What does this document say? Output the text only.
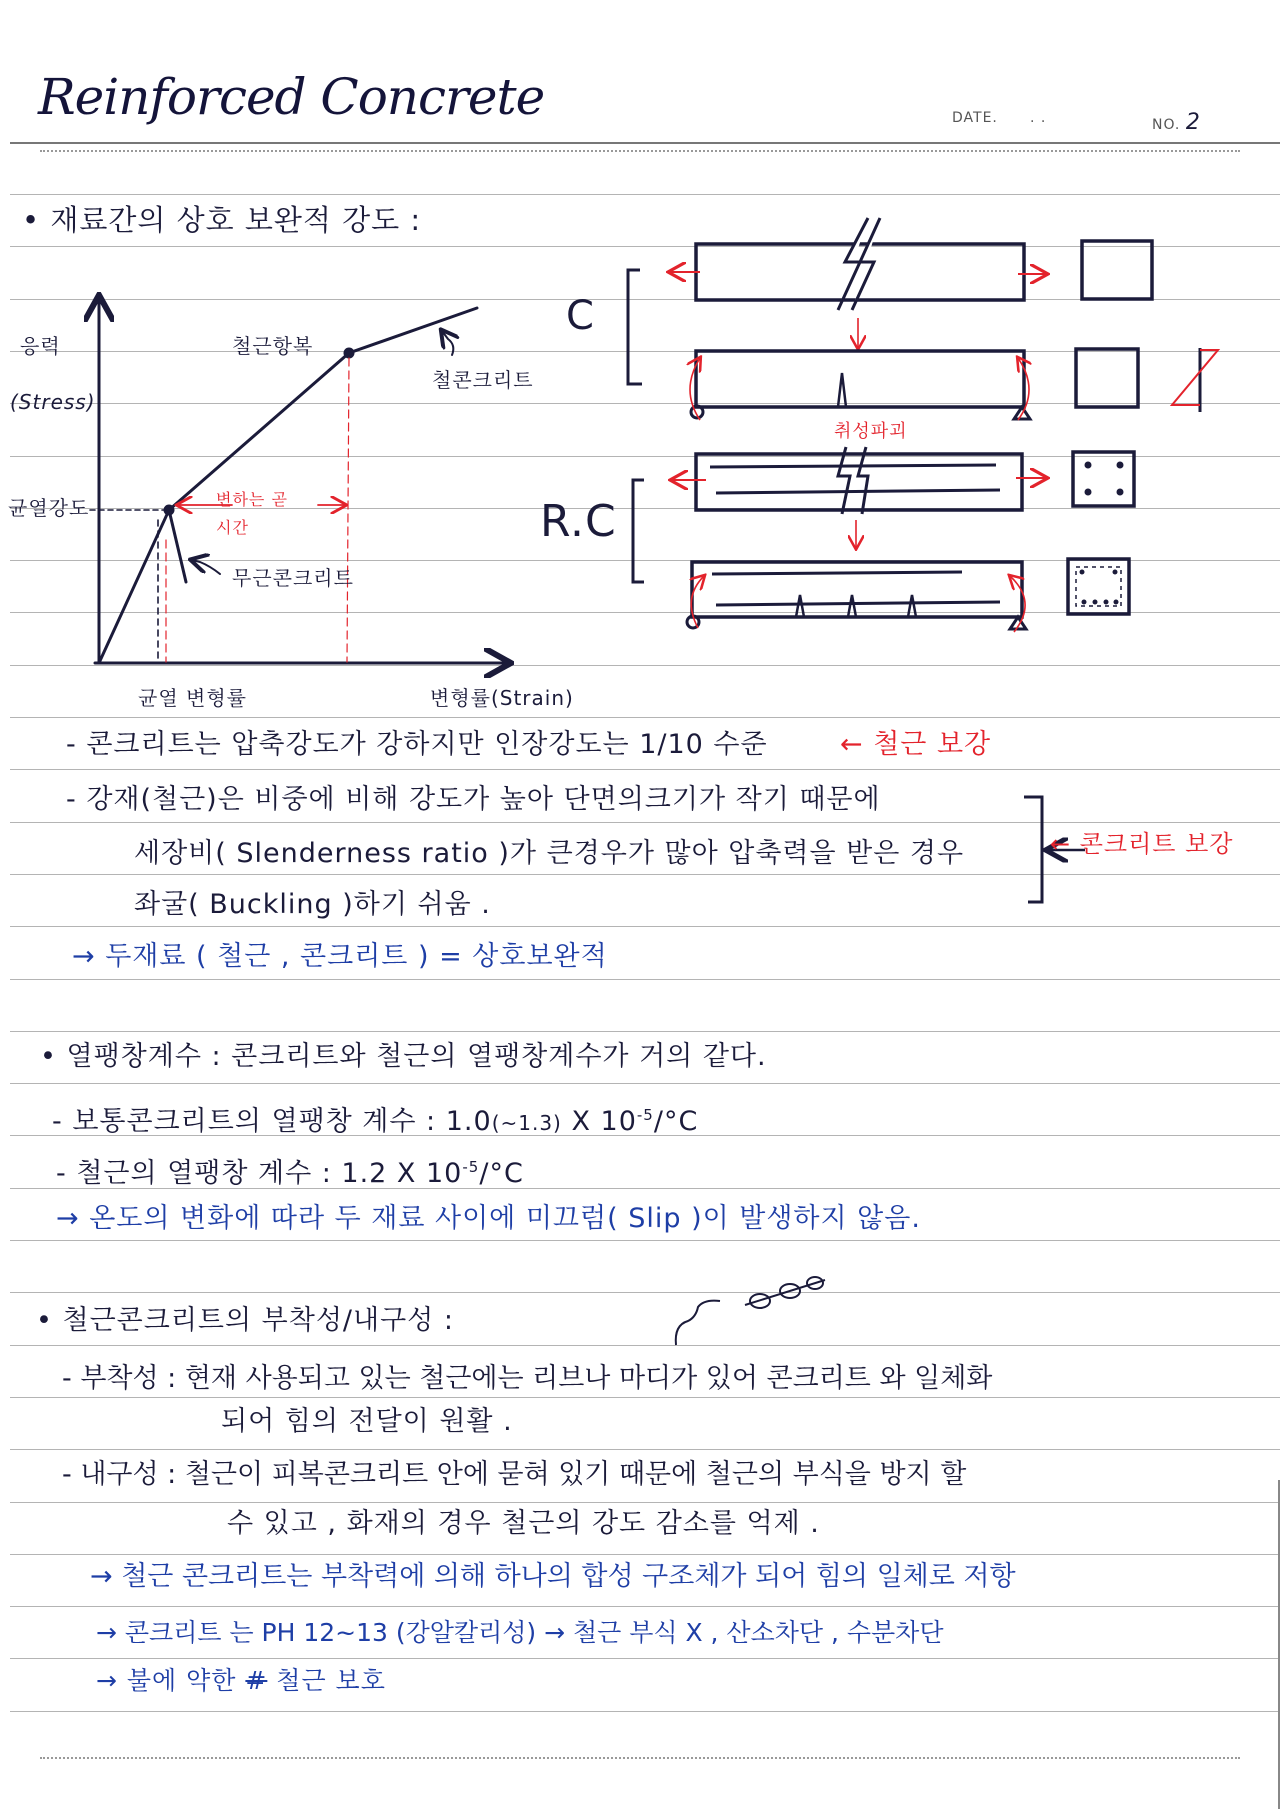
Reinforced Concrete	DATE. . .	NO. 2
• 재료간의 상호 보완적 강도 :
응력
(Stress)
균열강도
철근항복
철콘크리트
변하는 곧
시간
무근콘크리트
균열 변형률	변형률(Strain)
C
R.C
취성파괴
- 콘크리트는 압축강도가 강하지만 인장강도는 1/10 수준	← 철근 보강
- 강재(철근)은 비중에 비해 강도가 높아 단면의크기가 작기 때문에
세장비( Slenderness ratio )가 큰경우가 많아 압축력을 받은 경우
좌굴( Buckling )하기 쉬움 .
← 콘크리트 보강
→ 두재료 ( 철근 , 콘크리트 ) = 상호보완적
• 열팽창계수 : 콘크리트와 철근의 열팽창계수가 거의 같다.
- 보통콘크리트의 열팽창 계수 : 1.0(~1.3) X $10^{-5}/^\circ C$
- 철근의 열팽창 계수 : 1.2 X $10^{-5}/^\circ C$
→ 온도의 변화에 따라 두 재료 사이에 미끄럼( Slip )이 발생하지 않음.
• 철근콘크리트의 부착성/내구성 :
- 부착성 : 현재 사용되고 있는 철근에는 리브나 마디가 있어 콘크리트 와 일체화
되어 힘의 전달이 원활 .
- 내구성 : 철근이 피복콘크리트 안에 묻혀 있기 때문에 철근의 부식을 방지 할
수 있고 , 화재의 경우 철근의 강도 감소를 억제 .
→ 철근 콘크리트는 부착력에 의해 하나의 합성 구조체가 되어 힘의 일체로 저항
→ 콘크리트 는 PH 12~13 (강알칼리성) → 철근 부식 X , 산소차단 , 수분차단
→ 불에 약한 # 철근 보호
